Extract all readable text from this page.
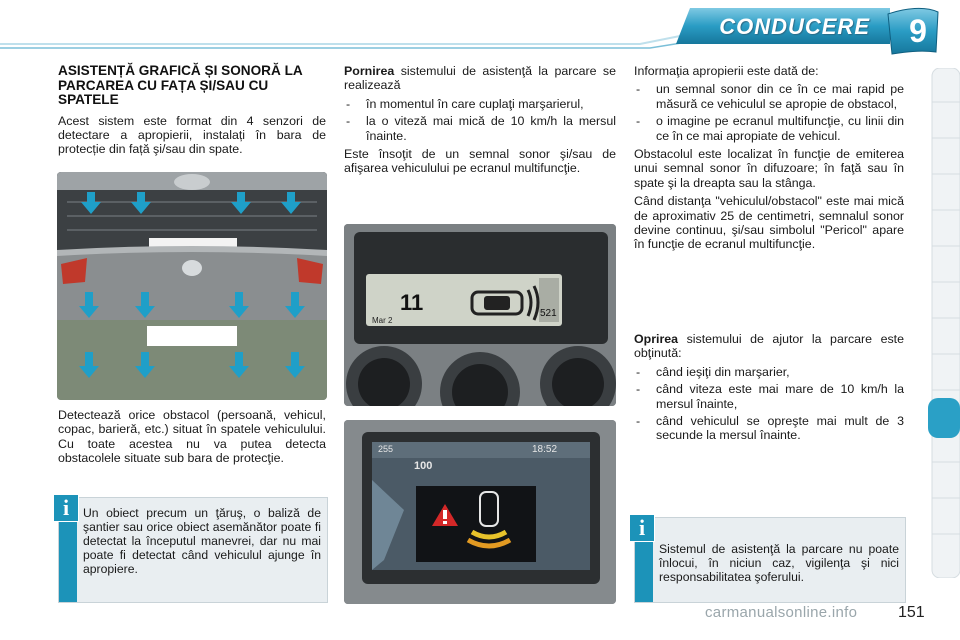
CONDUCERE	9
ASISTENȚĂ GRAFICĂ ȘI SONORĂ LA PARCAREA CU FAȚA ȘI/SAU CU SPATELE

Acest sistem este format din 4 senzori de detectare a apropierii, instalați în bara de protecție din față şi/sau din spate.

Detectează orice obstacol (persoană, vehicul, copac, barieră, etc.) situat în spatele vehiculului. Cu toate acestea nu va putea detecta obstacolele situate sub bara de protecţie.

i	Un obiect precum un ţăruş, o baliză de şantier sau orice obiect asemănător poate fi detectat la începutul manevrei, dar nu mai poate fi detectat când vehiculul ajunge în apropiere.

Pornirea sistemului de asistenţă la parcare se realizează

- în momentul în care cuplaţi marşarierul,
- la o viteză mai mică de 10 km/h la mersul înainte.

Este însoţit de un semnal sonor şi/sau de afişarea vehiculului pe ecranul multifuncţie.

11
Mar 2
521
18:52
100
255

Informaţia apropierii este dată de:

- un semnal sonor din ce în ce mai rapid pe măsură ce vehiculul se apropie de obstacol,
- o imagine pe ecranul multifuncţie, cu linii din ce în ce mai apropiate de vehicul.

Obstacolul este localizat în funcţie de emiterea unui semnal sonor în difuzoare; în faţă sau în spate şi la dreapta sau la stânga.

Când distanţa "vehiculul/obstacol" este mai mică de aproximativ 25 de centimetri, semnalul sonor devine continuu, şi/sau simbolul "Pericol" apare în funcţie de ecranul multifuncţie.

Oprirea sistemului de ajutor la parcare este obţinută:

- când ieşiţi din marşarier,
- când viteza este mai mare de 10 km/h la mersul înainte,
- când vehiculul se opreşte mai mult de 3 secunde la mersul înainte.
i
Sistemul de asistenţă la parcare nu poate înlocui, în niciun caz, vigilenţa şi nici responsabilitatea şoferului.
carmanualsonline.info	151
